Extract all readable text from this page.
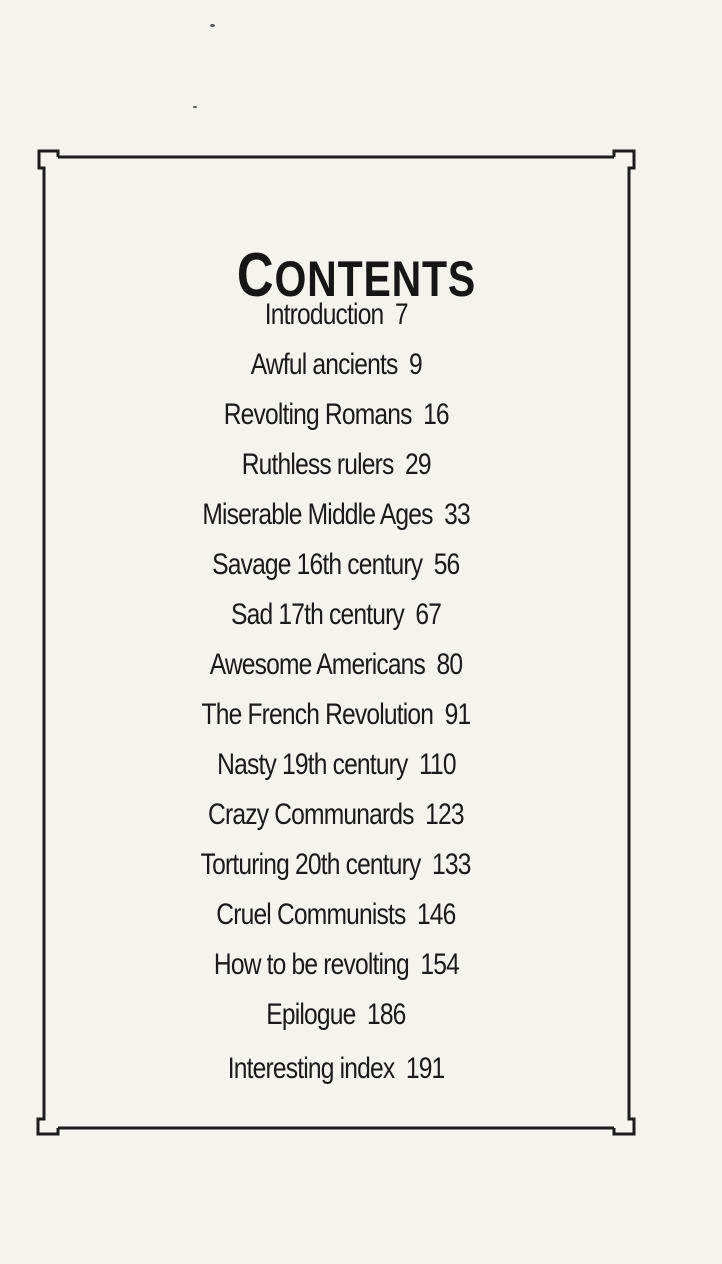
CONTENTS
Introduction 7
Awful ancients 9
Revolting Romans 16
Ruthless rulers 29
Miserable Middle Ages 33
Savage 16th century 56
Sad 17th century 67
Awesome Americans 80
The French Revolution 91
Nasty 19th century 110
Crazy Communards 123
Torturing 20th century 133
Cruel Communists 146
How to be revolting 154
Epilogue 186
Interesting index 191
